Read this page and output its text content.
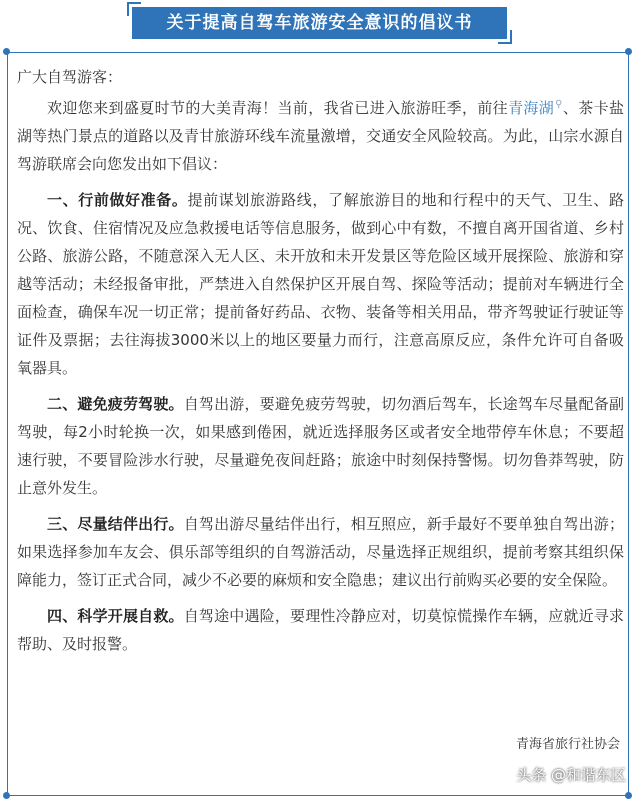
关于提高自驾车旅游安全意识的倡议书

广大自驾游客：

欢迎您来到盛夏时节的大美青海！当前，我省已进入旅游旺季，前往青海湖⚲、茶卡盐湖等热门景点的道路以及青甘旅游环线车流量激增，交通安全风险较高。为此，山宗水源自驾游联席会向您发出如下倡议：

一、行前做好准备。提前谋划旅游路线，了解旅游目的地和行程中的天气、卫生、路况、饮食、住宿情况及应急救援电话等信息服务，做到心中有数，不擅自离开国省道、乡村公路、旅游公路，不随意深入无人区、未开放和未开发景区等危险区域开展探险、旅游和穿越等活动；未经报备审批，严禁进入自然保护区开展自驾、探险等活动；提前对车辆进行全面检查，确保车况一切正常；提前备好药品、衣物、装备等相关用品，带齐驾驶证行驶证等证件及票据；去往海拔3000米以上的地区要量力而行，注意高原反应，条件允许可自备吸氧器具。

二、避免疲劳驾驶。自驾出游，要避免疲劳驾驶，切勿酒后驾车，长途驾车尽量配备副驾驶，每2小时轮换一次，如果感到倦困，就近选择服务区或者安全地带停车休息；不要超速行驶，不要冒险涉水行驶，尽量避免夜间赶路；旅途中时刻保持警惕。切勿鲁莽驾驶，防止意外发生。

三、尽量结伴出行。自驾出游尽量结伴出行，相互照应，新手最好不要单独自驾出游；如果选择参加车友会、俱乐部等组织的自驾游活动，尽量选择正规组织，提前考察其组织保障能力，签订正式合同，减少不必要的麻烦和安全隐患；建议出行前购买必要的安全保险。

四、科学开展自救。自驾途中遇险，要理性冷静应对，切莫惊慌操作车辆，应就近寻求帮助、及时报警。

青海省旅行社协会
头条 @和谐东区
